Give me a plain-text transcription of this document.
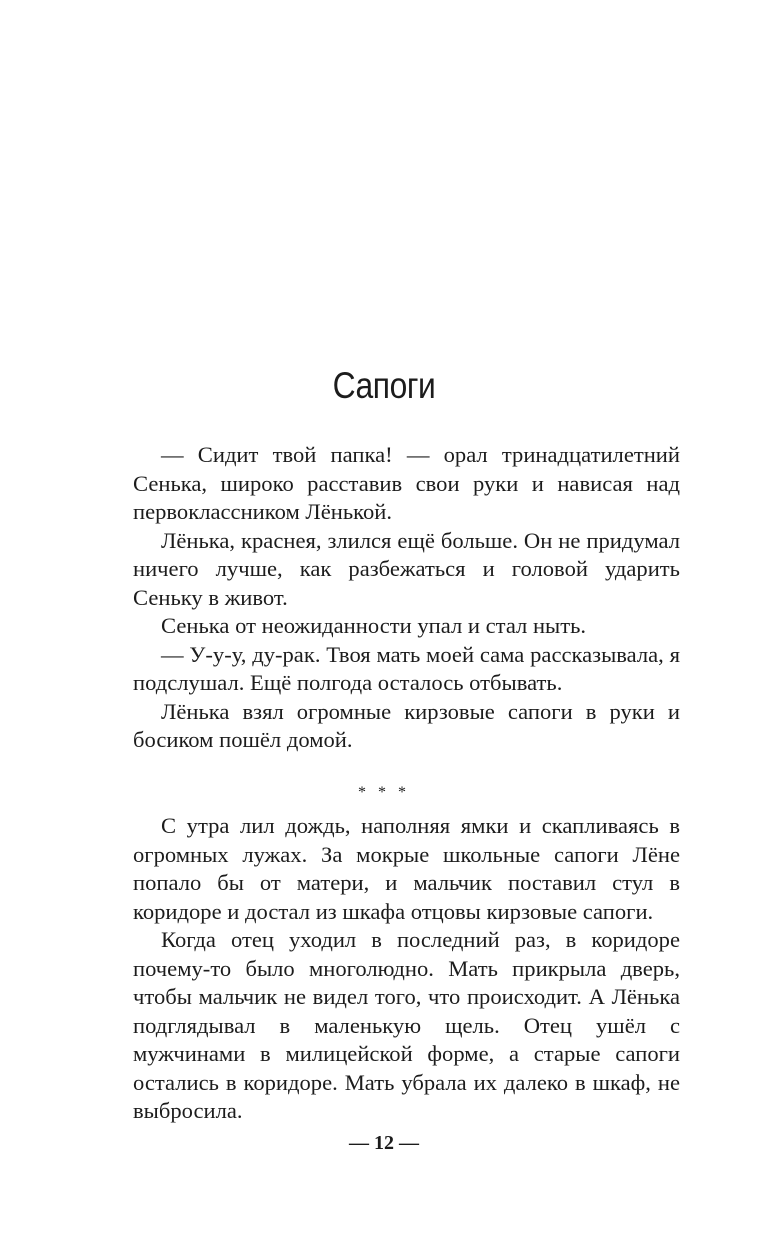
Сапоги

— Сидит твой папка! — орал тринадцатилетний Сенька, широко расставив свои руки и нависая над первоклассником Лёнькой.

Лёнька, краснея, злился ещё больше. Он не придумал ничего лучше, как разбежаться и головой ударить Сеньку в живот.

Сенька от неожиданности упал и стал ныть.

— У-у-у, ду-рак. Твоя мать моей сама рассказывала, я подслушал. Ещё полгода осталось отбывать.

Лёнька взял огромные кирзовые сапоги в руки и босиком пошёл домой.

* * *

С утра лил дождь, наполняя ямки и скапливаясь в огромных лужах. За мокрые школьные сапоги Лёне попало бы от матери, и мальчик поставил стул в коридоре и достал из шкафа отцовы кирзовые сапоги.

Когда отец уходил в последний раз, в коридоре почему-то было многолюдно. Мать прикрыла дверь, чтобы мальчик не видел того, что происходит. А Лёнька подглядывал в маленькую щель. Отец ушёл с мужчинами в милицейской форме, а старые сапоги остались в коридоре. Мать убрала их далеко в шкаф, не выбросила.

— 12 —
